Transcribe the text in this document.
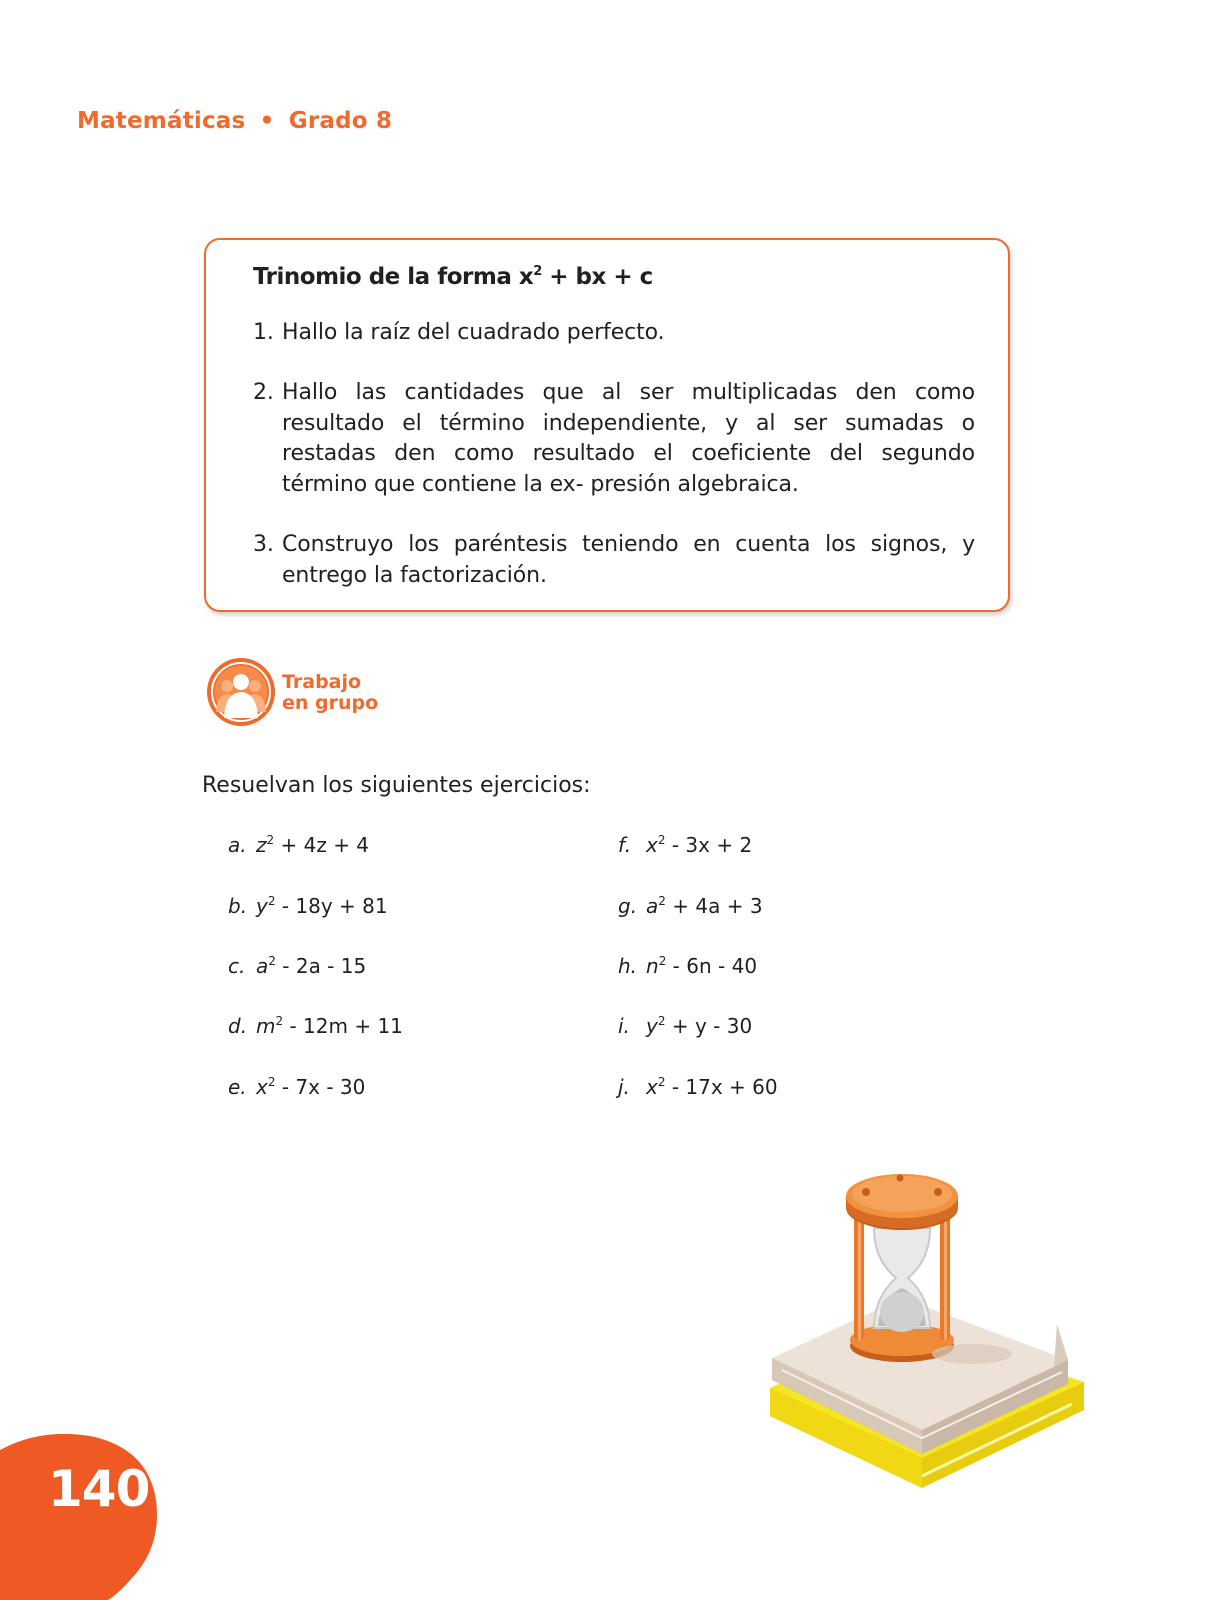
Matemáticas • Grado 8
Trinomio de la forma $x^2$ + bx + c
1. Hallo la raíz del cuadrado perfecto.
2. Hallo las cantidades que al ser multiplicadas den como resultado el término independiente, y al ser sumadas o restadas den como resultado el coeficiente del segundo término que contiene la ex- presión algebraica.
3. Construyo los paréntesis teniendo en cuenta los signos, y entrego la factorización.
Trabajo
en grupo
Resuelvan los siguientes ejercicios:
a. $z^2 + 4z + 4$
b. $y^2 - 18y + 81$
c. $a^2 - 2a - 15$
d. $m^2 - 12m + 11$
e. $x^2 - 7x - 30$
f. $x^2 - 3x + 2$
g. $a^2 + 4a + 3$
h. $n^2 - 6n - 40$
i. $y^2 + y - 30$
j. $x^2 - 17x + 60$
140
